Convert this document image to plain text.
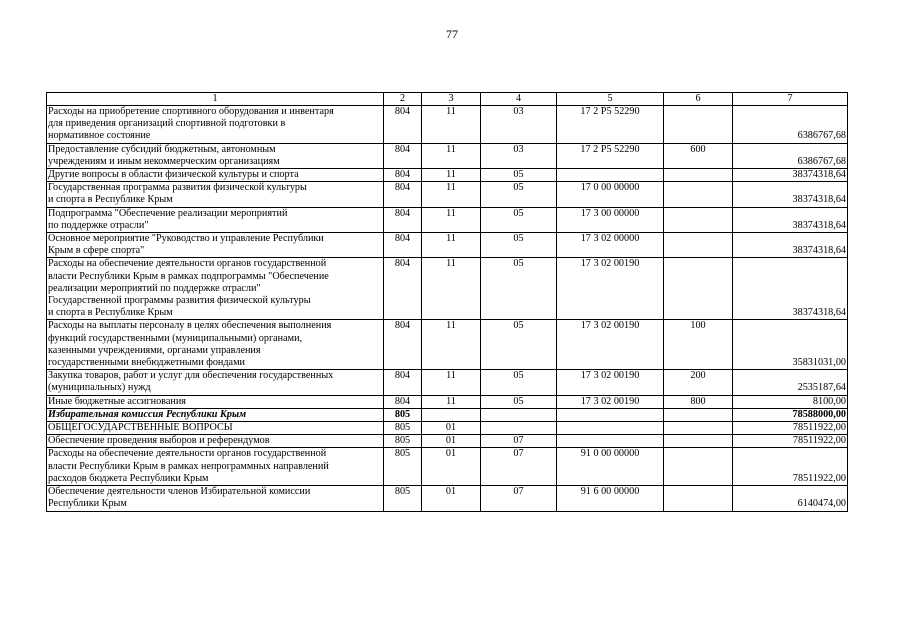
77
1	2	3	4	5	6	7
Расходы на приобретение спортивного оборудования и инвентаря
для приведения организаций спортивной подготовки в
нормативное состояние	804	11	03	17 2 P5 52290		6386767,68
Предоставление субсидий бюджетным, автономным
учреждениям и иным некоммерческим организациям	804	11	03	17 2 P5 52290	600	6386767,68
Другие вопросы в области физической культуры и спорта	804	11	05			38374318,64
Государственная программа развития физической культуры
и спорта в Республике Крым	804	11	05	17 0 00 00000		38374318,64
Подпрограмма "Обеспечение реализации мероприятий
по поддержке отрасли"	804	11	05	17 3 00 00000		38374318,64
Основное мероприятие "Руководство и управление Республики
Крым в сфере спорта"	804	11	05	17 3 02 00000		38374318,64
Расходы на обеспечение деятельности органов государственной
власти Республики Крым в рамках подпрограммы "Обеспечение
реализации мероприятий по поддержке отрасли"
Государственной программы развития физической культуры
и спорта в Республике Крым	804	11	05	17 3 02 00190		38374318,64
Расходы на выплаты персоналу в целях обеспечения выполнения
функций государственными (муниципальными) органами,
казенными учреждениями, органами управления
государственными внебюджетными фондами	804	11	05	17 3 02 00190	100	35831031,00
Закупка товаров, работ и услуг для обеспечения государственных
(муниципальных) нужд	804	11	05	17 3 02 00190	200	2535187,64
Иные бюджетные ассигнования	804	11	05	17 3 02 00190	800	8100,00
Избирательная комиссия Республики Крым	805					78588000,00
ОБЩЕГОСУДАРСТВЕННЫЕ ВОПРОСЫ	805	01				78511922,00
Обеспечение проведения выборов и референдумов	805	01	07			78511922,00
Расходы на обеспечение деятельности органов государственной
власти Республики Крым в рамках непрограммных направлений
расходов бюджета Республики Крым	805	01	07	91 0 00 00000		78511922,00
Обеспечение деятельности членов Избирательной комиссии
Республики Крым	805	01	07	91 6 00 00000		6140474,00
